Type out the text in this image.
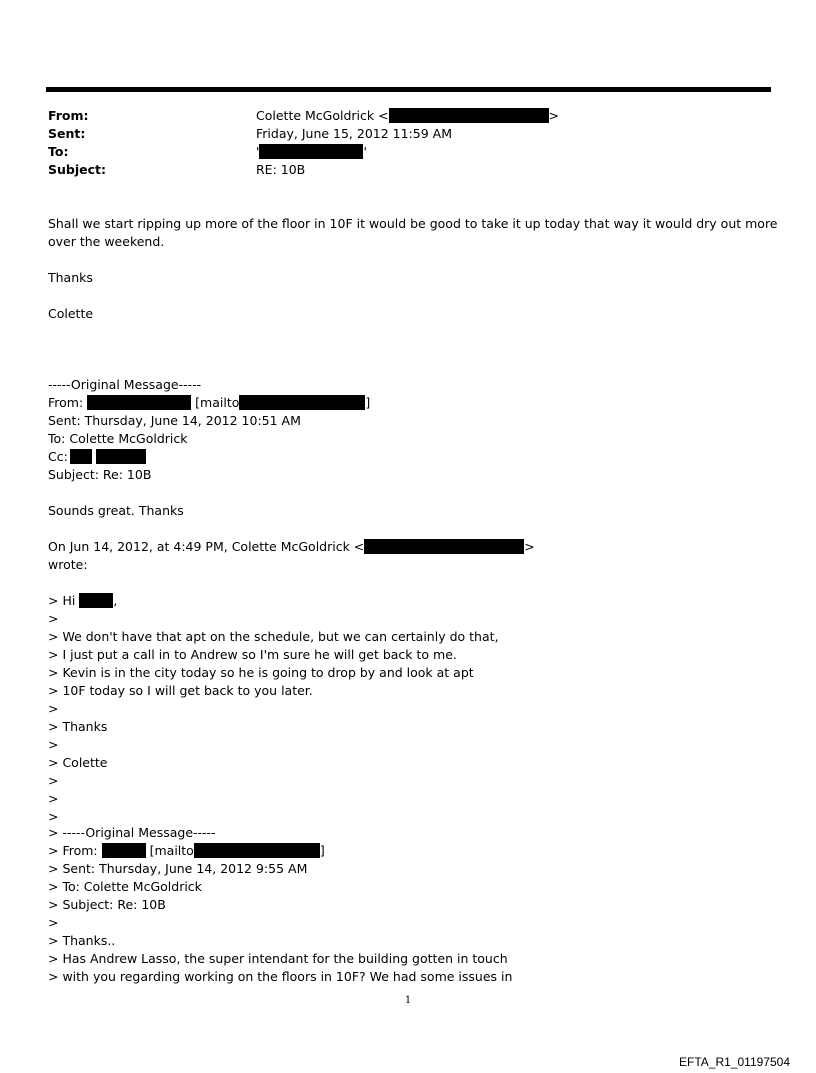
From:	Colette McGoldrick <	>
Sent:	Friday, June 15, 2012 11:59 AM
To:	'	'
Subject:	RE: 10B
Shall we start ripping up more of the floor in 10F it would be good to take it up today that way it would dry out more
over the weekend.
Thanks
Colette
-----Original Message-----
From:	[mailto	]
Sent: Thursday, June 14, 2012 10:51 AM
To: Colette McGoldrick
Cc:
Subject: Re: 10B
Sounds great. Thanks
On Jun 14, 2012, at 4:49 PM, Colette McGoldrick <	>
wrote:
> Hi	,
>
> We don't have that apt on the schedule, but we can certainly do that,
> I just put a call in to Andrew so I'm sure he will get back to me.
> Kevin is in the city today so he is going to drop by and look at apt
> 10F today so I will get back to you later.
>
> Thanks
>
> Colette
>
>
>
> -----Original Message-----
> From:	[mailto	]
> Sent: Thursday, June 14, 2012 9:55 AM
> To: Colette McGoldrick
> Subject: Re: 10B
>
> Thanks..
> Has Andrew Lasso, the super intendant for the building gotten in touch
> with you regarding working on the floors in 10F? We had some issues in
1
EFTA_R1_01197504
